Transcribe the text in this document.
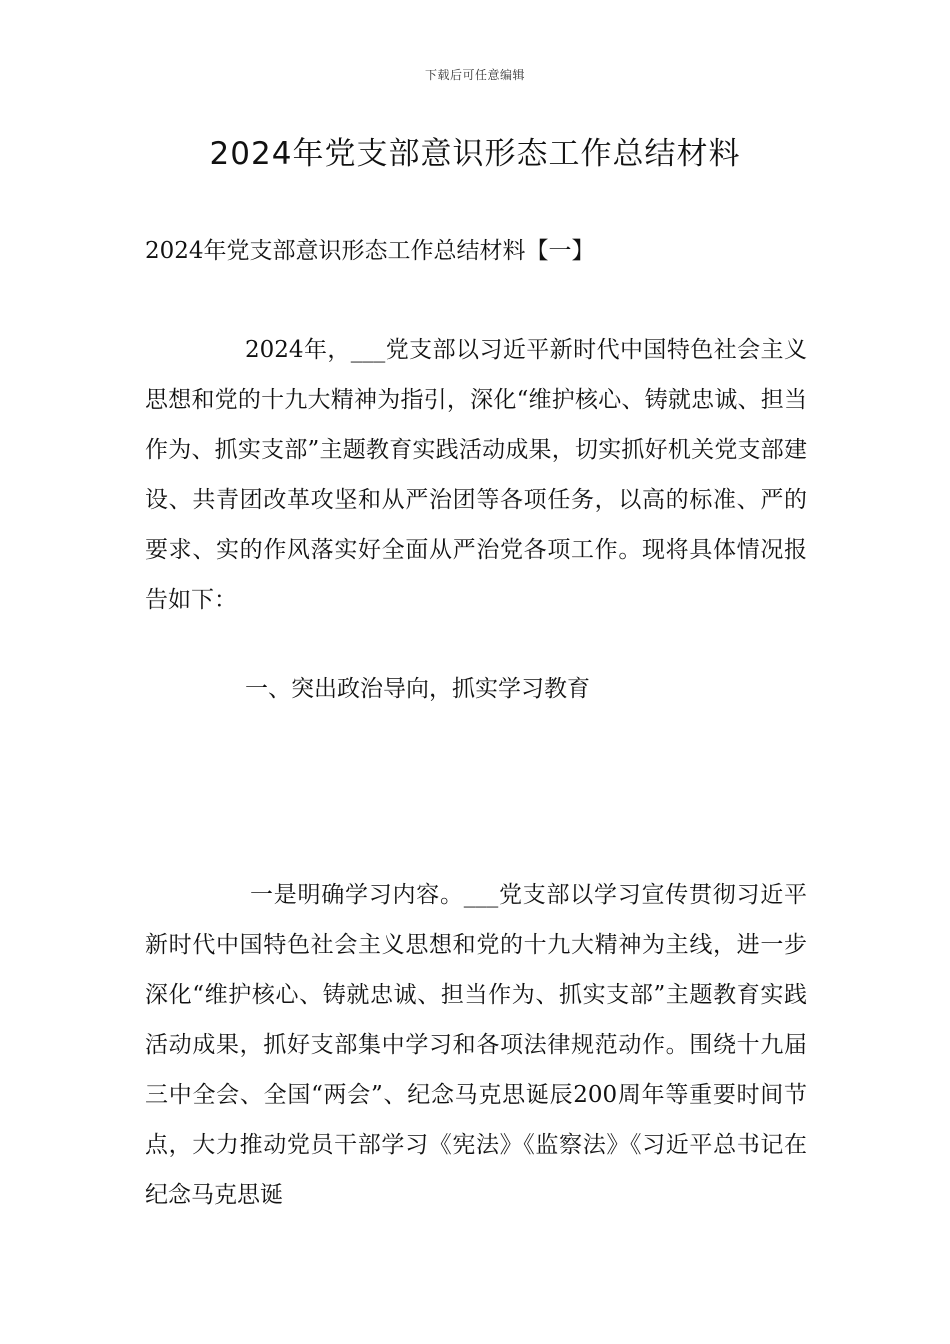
下载后可任意编辑
2024年党支部意识形态工作总结材料

2024年党支部意识形态工作总结材料【一】

2024年，___党支部以习近平新时代中国特色社会主义思想和党的十九大精神为指引，深化“维护核心、铸就忠诚、担当作为、抓实支部”主题教育实践活动成果，切实抓好机关党支部建设、共青团改革攻坚和从严治团等各项任务，以高的标准、严的要求、实的作风落实好全面从严治党各项工作。现将具体情况报告如下：

一、突出政治导向，抓实学习教育

一是明确学习内容。___党支部以学习宣传贯彻习近平新时代中国特色社会主义思想和党的十九大精神为主线，进一步深化“维护核心、铸就忠诚、担当作为、抓实支部”主题教育实践活动成果，抓好支部集中学习和各项法律规范动作。围绕十九届三中全会、全国“两会”、纪念马克思诞辰200周年等重要时间节点，大力推动党员干部学习《宪法》《监察法》《习近平总书记在纪念马克思诞
